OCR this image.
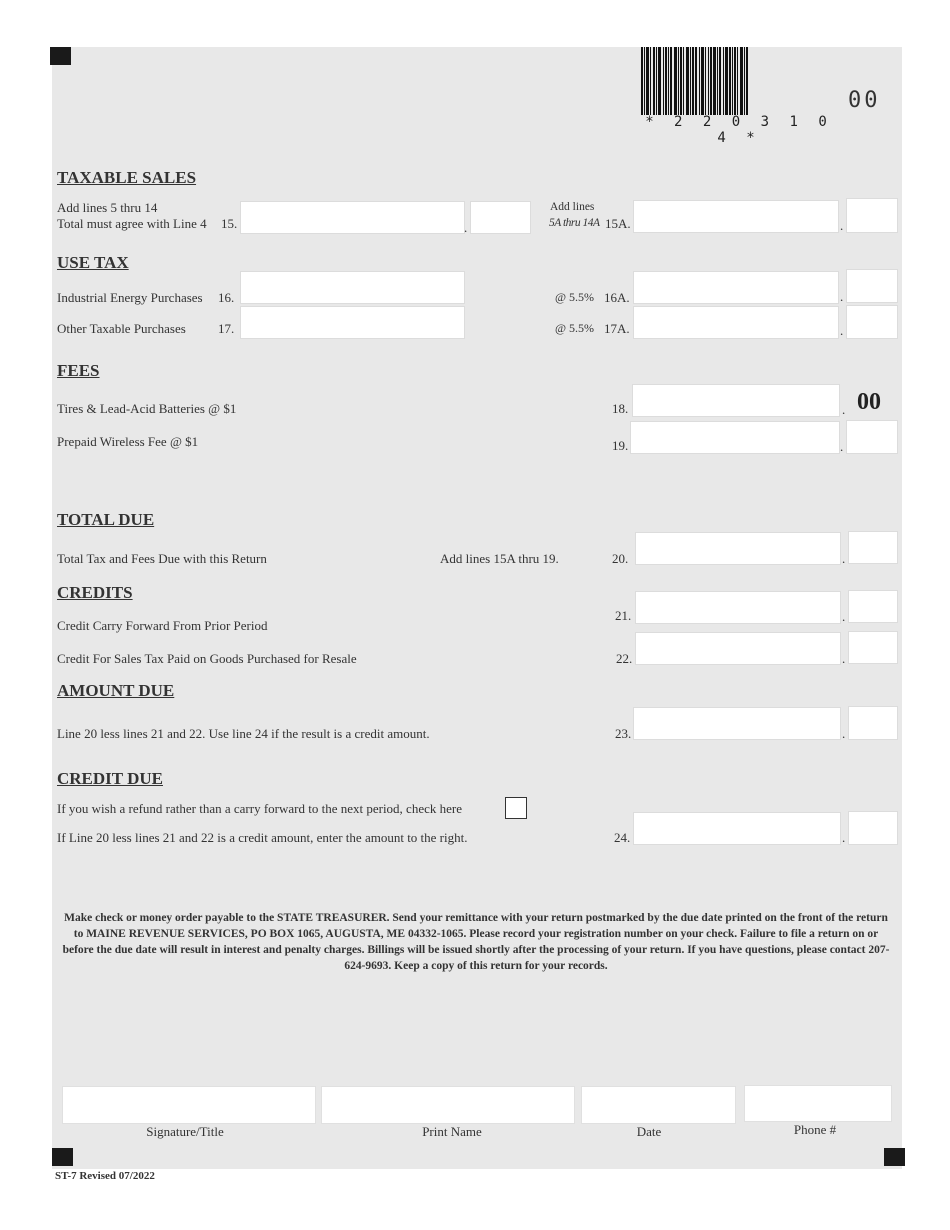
* 2 2 0 3 1 0 4 *
00
TAXABLE SALES
Add lines 5 thru 14
Total must agree with Line 4 15.	.
Add lines
5A thru 14A 15A.	.
USE TAX
Industrial Energy Purchases 16.	@ 5.5% 16A.	.
Other Taxable Purchases 17.	@ 5.5% 17A.	.
FEES
Tires & Lead-Acid Batteries @ $1	18.	. 00
Prepaid Wireless Fee @ $1	19.	.
TOTAL DUE
Total Tax and Fees Due with this Return	Add lines 15A thru 19.	20.	.
CREDITS
Credit Carry Forward From Prior Period
21.	.
Credit For Sales Tax Paid on Goods Purchased for Resale	22.	.
AMOUNT DUE
Line 20 less lines 21 and 22. Use line 24 if the result is a credit amount.	23.	.
CREDIT DUE
If you wish a refund rather than a carry forward to the next period, check here
If Line 20 less lines 21 and 22 is a credit amount, enter the amount to the right.	24.	.
Make check or money order payable to the STATE TREASURER. Send your remittance with your return postmarked by the due date printed on the front of the return to MAINE REVENUE SERVICES, PO BOX 1065, AUGUSTA, ME 04332-1065. Please record your registration number on your check. Failure to file a return on or before the due date will result in interest and penalty charges. Billings will be issued shortly after the processing of your return. If you have questions, please contact 207-624-9693. Keep a copy of this return for your records.
Signature/Title	Print Name	Date	Phone #
ST-7 Revised 07/2022
